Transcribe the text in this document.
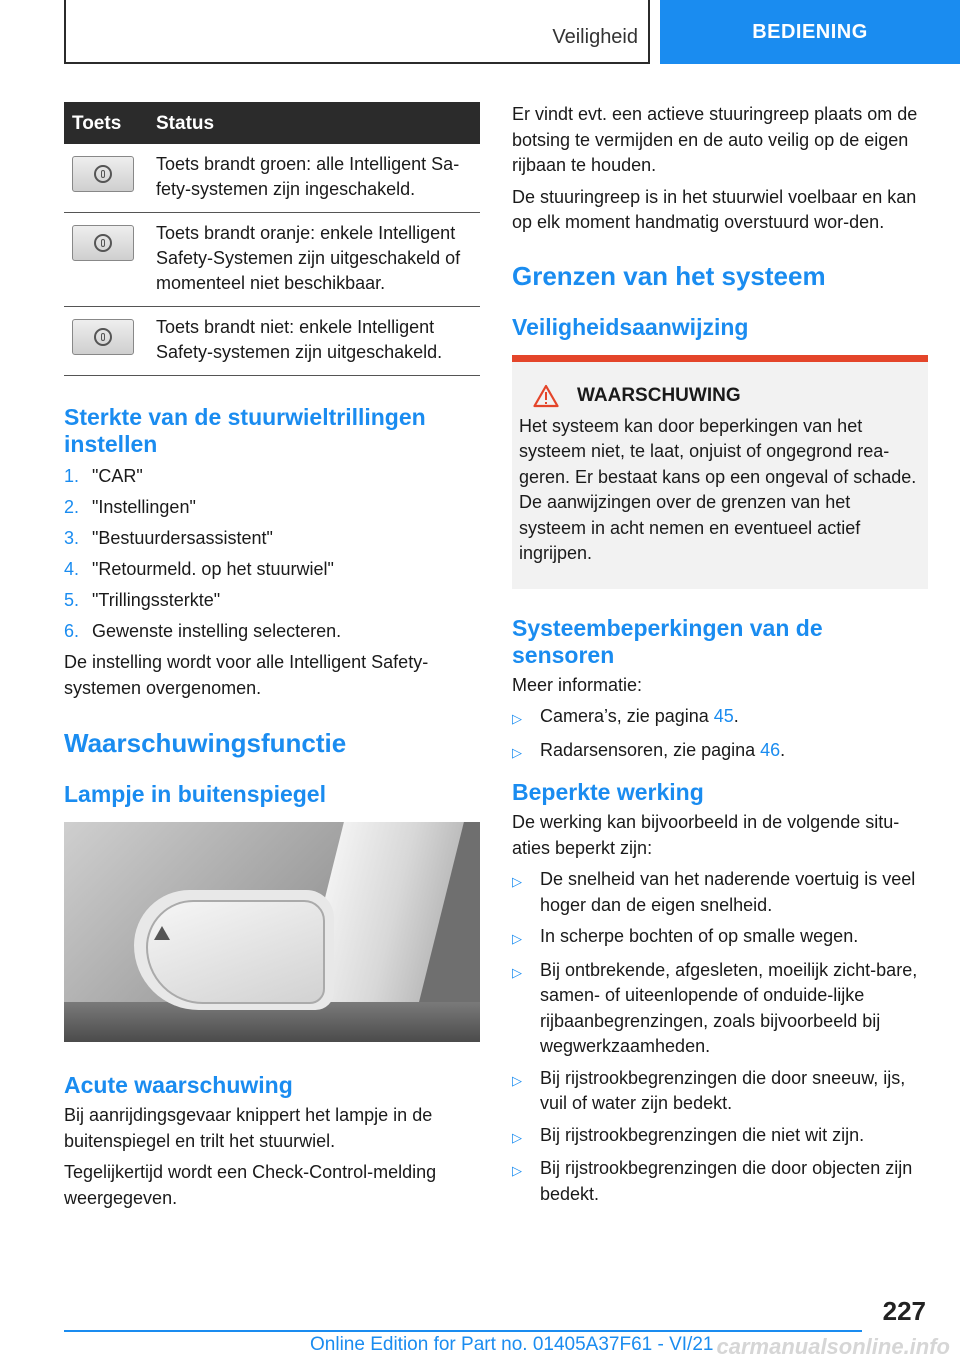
Veiligheid	BEDIENING
Toets	Status

	Toets brandt groen: alle Intelligent Sa-fety-systemen zijn ingeschakeld.

	Toets brandt oranje: enkele Intelligent Safety-Systemen zijn uitgeschakeld of momenteel niet beschikbaar.

	Toets brandt niet: enkele Intelligent Safety-systemen zijn uitgeschakeld.
Sterkte van de stuurwieltrillingen instellen
1. "CAR"
2. "Instellingen"
3. "Bestuurdersassistent"
4. "Retourmeld. op het stuurwiel"
5. "Trillingssterkte"
6. Gewenste instelling selecteren.

De instelling wordt voor alle Intelligent Safety-systemen overgenomen.

Waarschuwingsfunctie
Lampje in buitenspiegel
Acute waarschuwing

Bij aanrijdingsgevaar knippert het lampje in de buitenspiegel en trilt het stuurwiel.

Tegelijkertijd wordt een Check-Control-melding weergegeven.

Er vindt evt. een actieve stuuringreep plaats om de botsing te vermijden en de auto veilig op de eigen rijbaan te houden.

De stuuringreep is in het stuurwiel voelbaar en kan op elk moment handmatig overstuurd wor-den.

Grenzen van het systeem
Veiligheidsaanwijzing
WAARSCHUWING

Het systeem kan door beperkingen van het systeem niet, te laat, onjuist of ongegrond rea-geren. Er bestaat kans op een ongeval of schade. De aanwijzingen over de grenzen van het systeem in acht nemen en eventueel actief ingrijpen.

Systeembeperkingen van de sensoren

Meer informatie:

▷	Camera’s, zie pagina 45.
▷	Radarsensoren, zie pagina 46.
Beperkte werking

De werking kan bijvoorbeeld in de volgende situ-aties beperkt zijn:

▷	De snelheid van het naderende voertuig is veel hoger dan de eigen snelheid.
▷	In scherpe bochten of op smalle wegen.
▷	Bij ontbrekende, afgesleten, moeilijk zicht-bare, samen- of uiteenlopende of onduide-lijke rijbaanbegrenzingen, zoals bijvoorbeeld bij wegwerkzaamheden.
▷	Bij rijstrookbegrenzingen die door sneeuw, ijs, vuil of water zijn bedekt.
▷	Bij rijstrookbegrenzingen die niet wit zijn.
▷	Bij rijstrookbegrenzingen die door objecten zijn bedekt.
227
Online Edition for Part no. 01405A37F61 - VI/21 carmanualsonline.info
